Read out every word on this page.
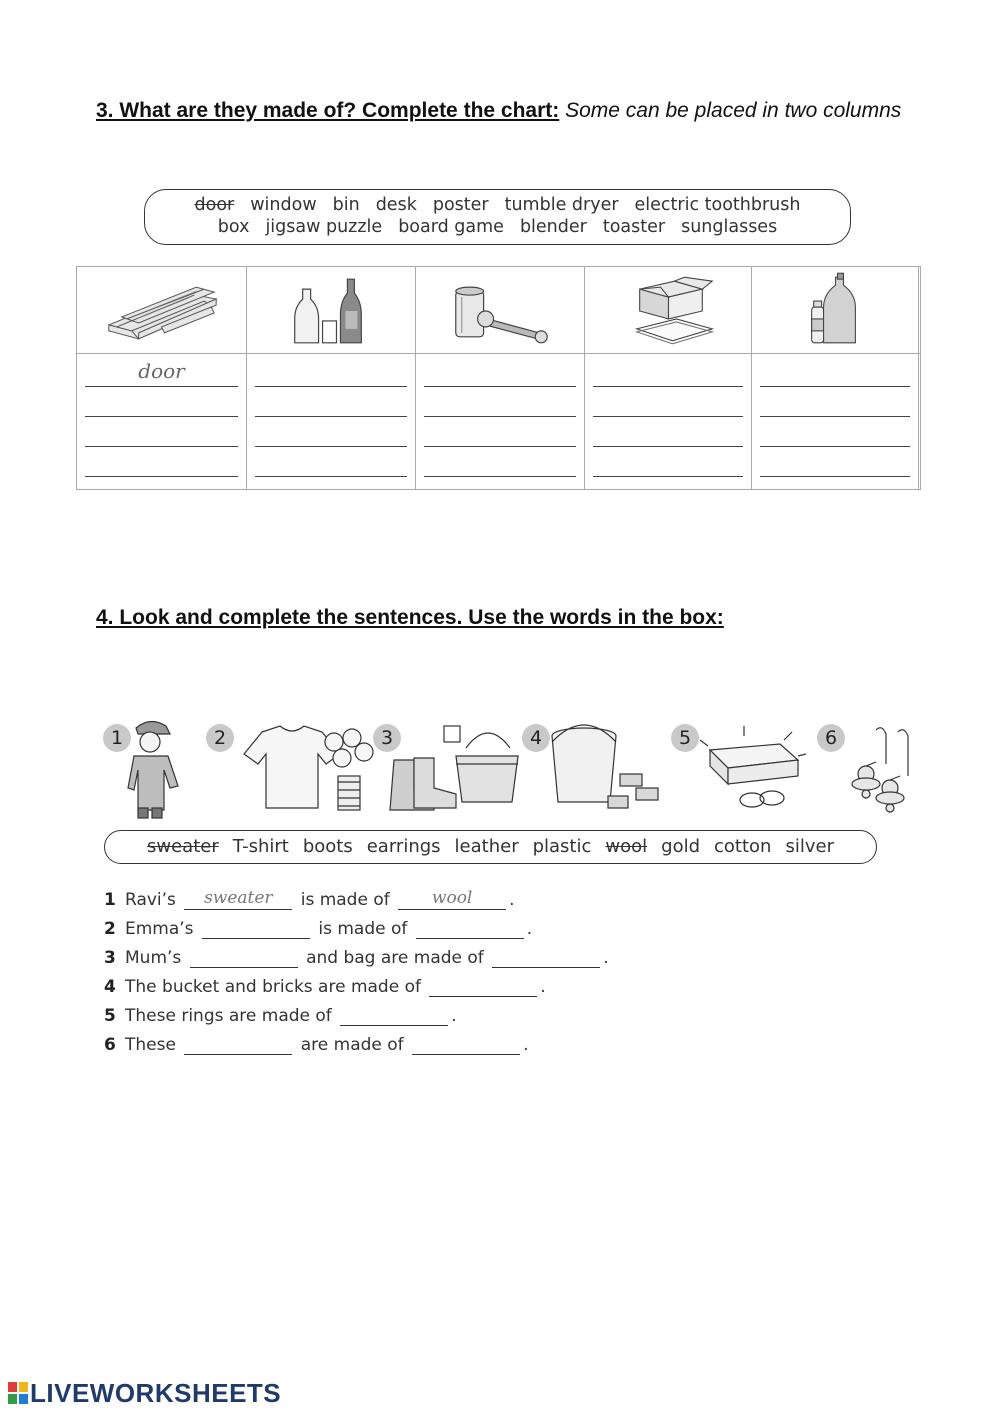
3. What are they made of? Complete the chart: Some can be placed in two columns
door window bin desk poster tumble dryer electric toothbrush
box jigsaw puzzle board game blender toaster sunglasses
door
4. Look and complete the sentences. Use the words in the box:
1	2	3	4	5	6
sweater T-shirt boots earrings leather plastic wool gold cotton silver
1 Ravi’s	sweater	is made of	wool	.
2 Emma’s	is made of	.
3 Mum’s	and bag are made of	.
4 The bucket and bricks are made of	.
5 These rings are made of	.
6 These	are made of	.
LIVEWORKSHEETS
